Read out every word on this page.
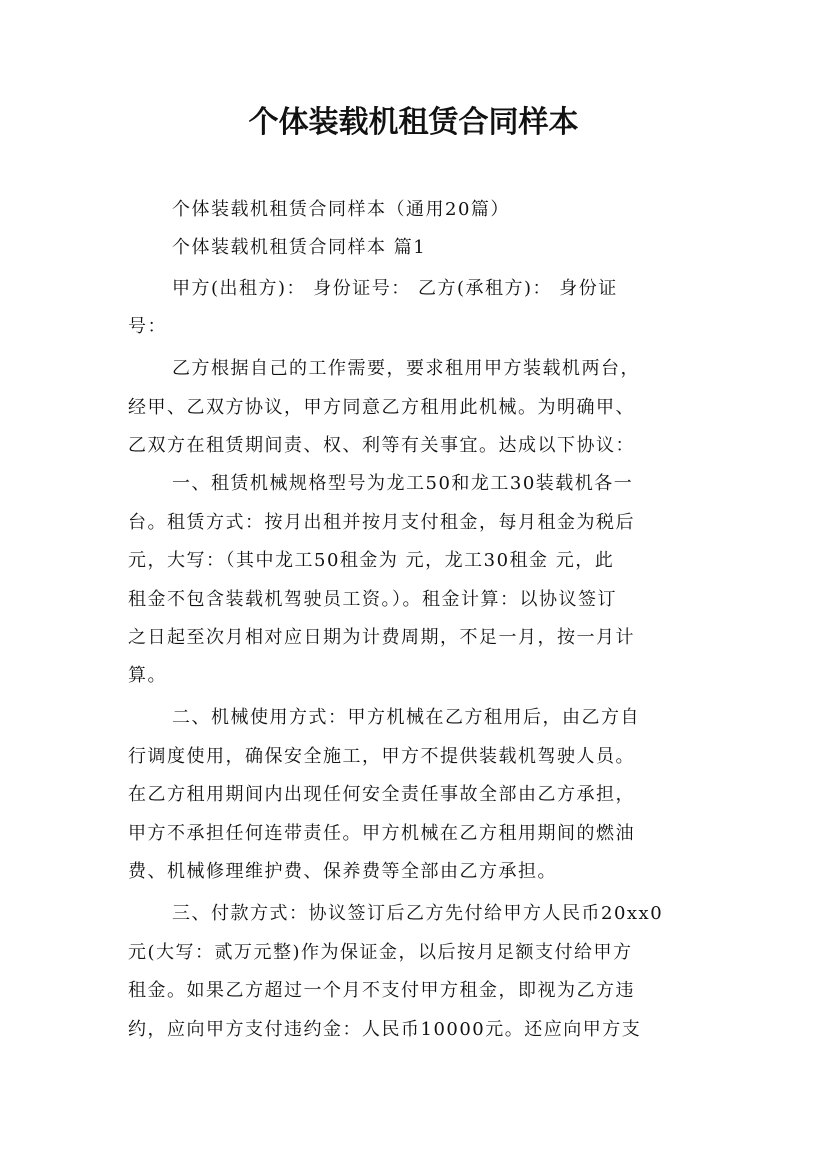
个体装载机租赁合同样本
个体装载机租赁合同样本（通用20篇）
个体装载机租赁合同样本 篇1
甲方(出租方)： 身份证号： 乙方(承租方)： 身份证
号：
乙方根据自己的工作需要，要求租用甲方装载机两台，
经甲、乙双方协议，甲方同意乙方租用此机械。为明确甲、
乙双方在租赁期间责、权、利等有关事宜。达成以下协议：
一、租赁机械规格型号为龙工50和龙工30装载机各一
台。租赁方式：按月出租并按月支付租金，每月租金为税后
元，大写：（其中龙工50租金为 元，龙工30租金 元，此
租金不包含装载机驾驶员工资。）。租金计算：以协议签订
之日起至次月相对应日期为计费周期，不足一月，按一月计
算。
二、机械使用方式：甲方机械在乙方租用后，由乙方自
行调度使用，确保安全施工，甲方不提供装载机驾驶人员。
在乙方租用期间内出现任何安全责任事故全部由乙方承担，
甲方不承担任何连带责任。甲方机械在乙方租用期间的燃油
费、机械修理维护费、保养费等全部由乙方承担。
三、付款方式：协议签订后乙方先付给甲方人民币20xx0
元(大写：贰万元整)作为保证金，以后按月足额支付给甲方
租金。如果乙方超过一个月不支付甲方租金，即视为乙方违
约，应向甲方支付违约金：人民币10000元。还应向甲方支
